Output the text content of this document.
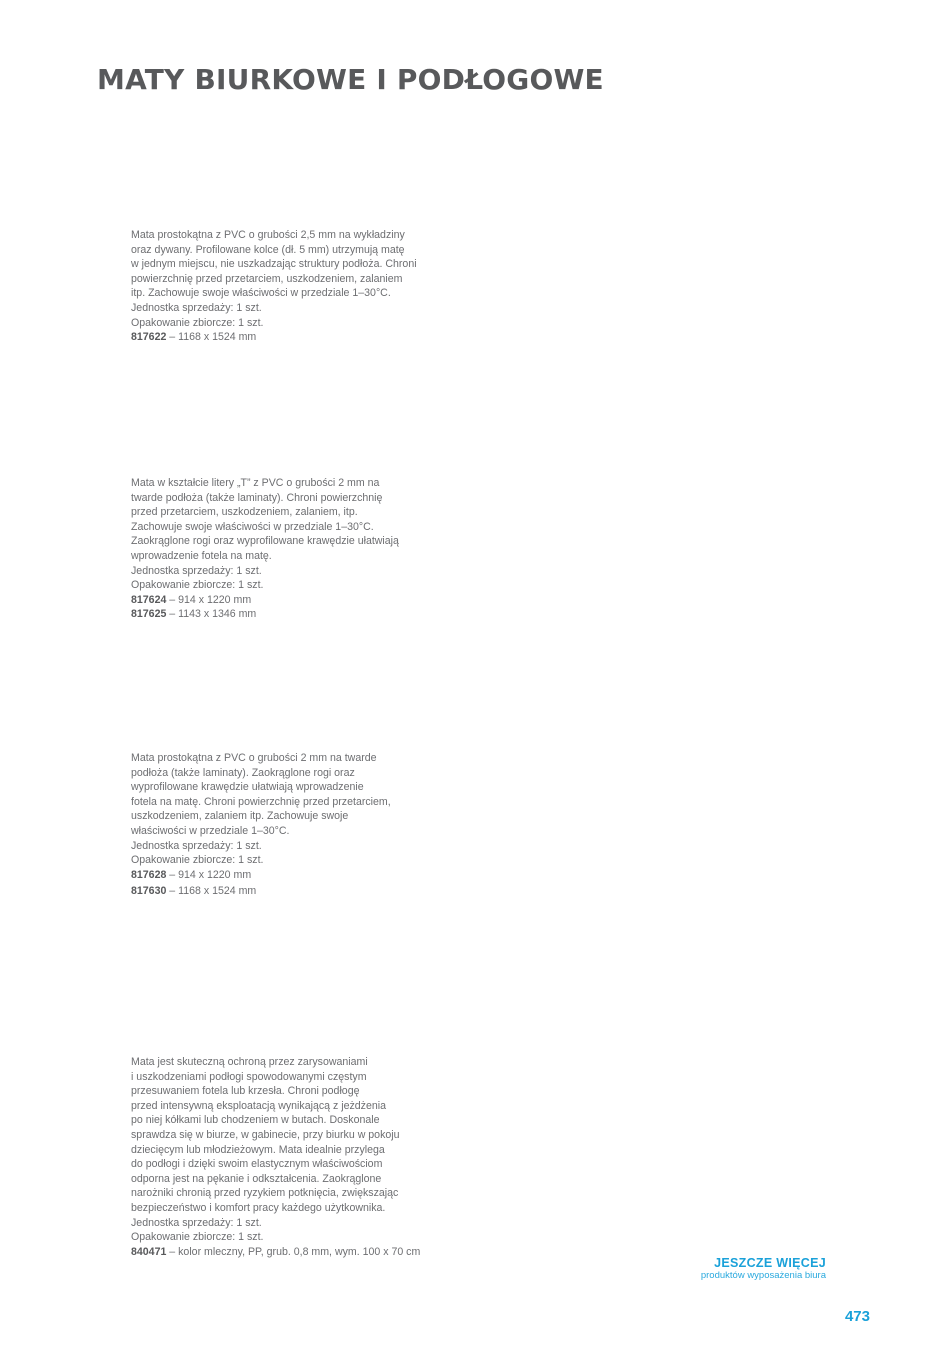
MATY BIURKOWE I PODŁOGOWE
Mata prostokątna z PVC o grubości 2,5 mm na wykładziny
oraz dywany. Profilowane kolce (dł. 5 mm) utrzymują matę
w jednym miejscu, nie uszkadzając struktury podłoża. Chroni
powierzchnię przed przetarciem, uszkodzeniem, zalaniem
itp. Zachowuje swoje właściwości w przedziale 1–30°C.
Jednostka sprzedaży: 1 szt.
Opakowanie zbiorcze: 1 szt.
817622 – 1168 x 1524 mm
Mata w kształcie litery „T” z PVC o grubości 2 mm na
twarde podłoża (także laminaty). Chroni powierzchnię
przed przetarciem, uszkodzeniem, zalaniem, itp.
Zachowuje swoje właściwości w przedziale 1–30°C.
Zaokrąglone rogi oraz wyprofilowane krawędzie ułatwiają
wprowadzenie fotela na matę.
Jednostka sprzedaży: 1 szt.
Opakowanie zbiorcze: 1 szt.
817624 – 914 x 1220 mm
817625 – 1143 x 1346 mm
Mata prostokątna z PVC o grubości 2 mm na twarde
podłoża (także laminaty). Zaokrąglone rogi oraz
wyprofilowane krawędzie ułatwiają wprowadzenie
fotela na matę. Chroni powierzchnię przed przetarciem,
uszkodzeniem, zalaniem itp. Zachowuje swoje
właściwości w przedziale 1–30°C.
Jednostka sprzedaży: 1 szt.
Opakowanie zbiorcze: 1 szt.
817628 – 914 x 1220 mm
817630 – 1168 x 1524 mm
Mata jest skuteczną ochroną przez zarysowaniami
i uszkodzeniami podłogi spowodowanymi częstym
przesuwaniem fotela lub krzesła. Chroni podłogę
przed intensywną eksploatacją wynikającą z jeżdżenia
po niej kółkami lub chodzeniem w butach. Doskonale
sprawdza się w biurze, w gabinecie, przy biurku w pokoju
dziecięcym lub młodzieżowym. Mata idealnie przylega
do podłogi i dzięki swoim elastycznym właściwościom
odporna jest na pękanie i odkształcenia. Zaokrąglone
narożniki chronią przed ryzykiem potknięcia, zwiększając
bezpieczeństwo i komfort pracy każdego użytkownika.
Jednostka sprzedaży: 1 szt.
Opakowanie zbiorcze: 1 szt.
840471 – kolor mleczny, PP, grub. 0,8 mm, wym. 100 x 70 cm
JESZCZE WIĘCEJ
produktów wyposażenia biura
473
